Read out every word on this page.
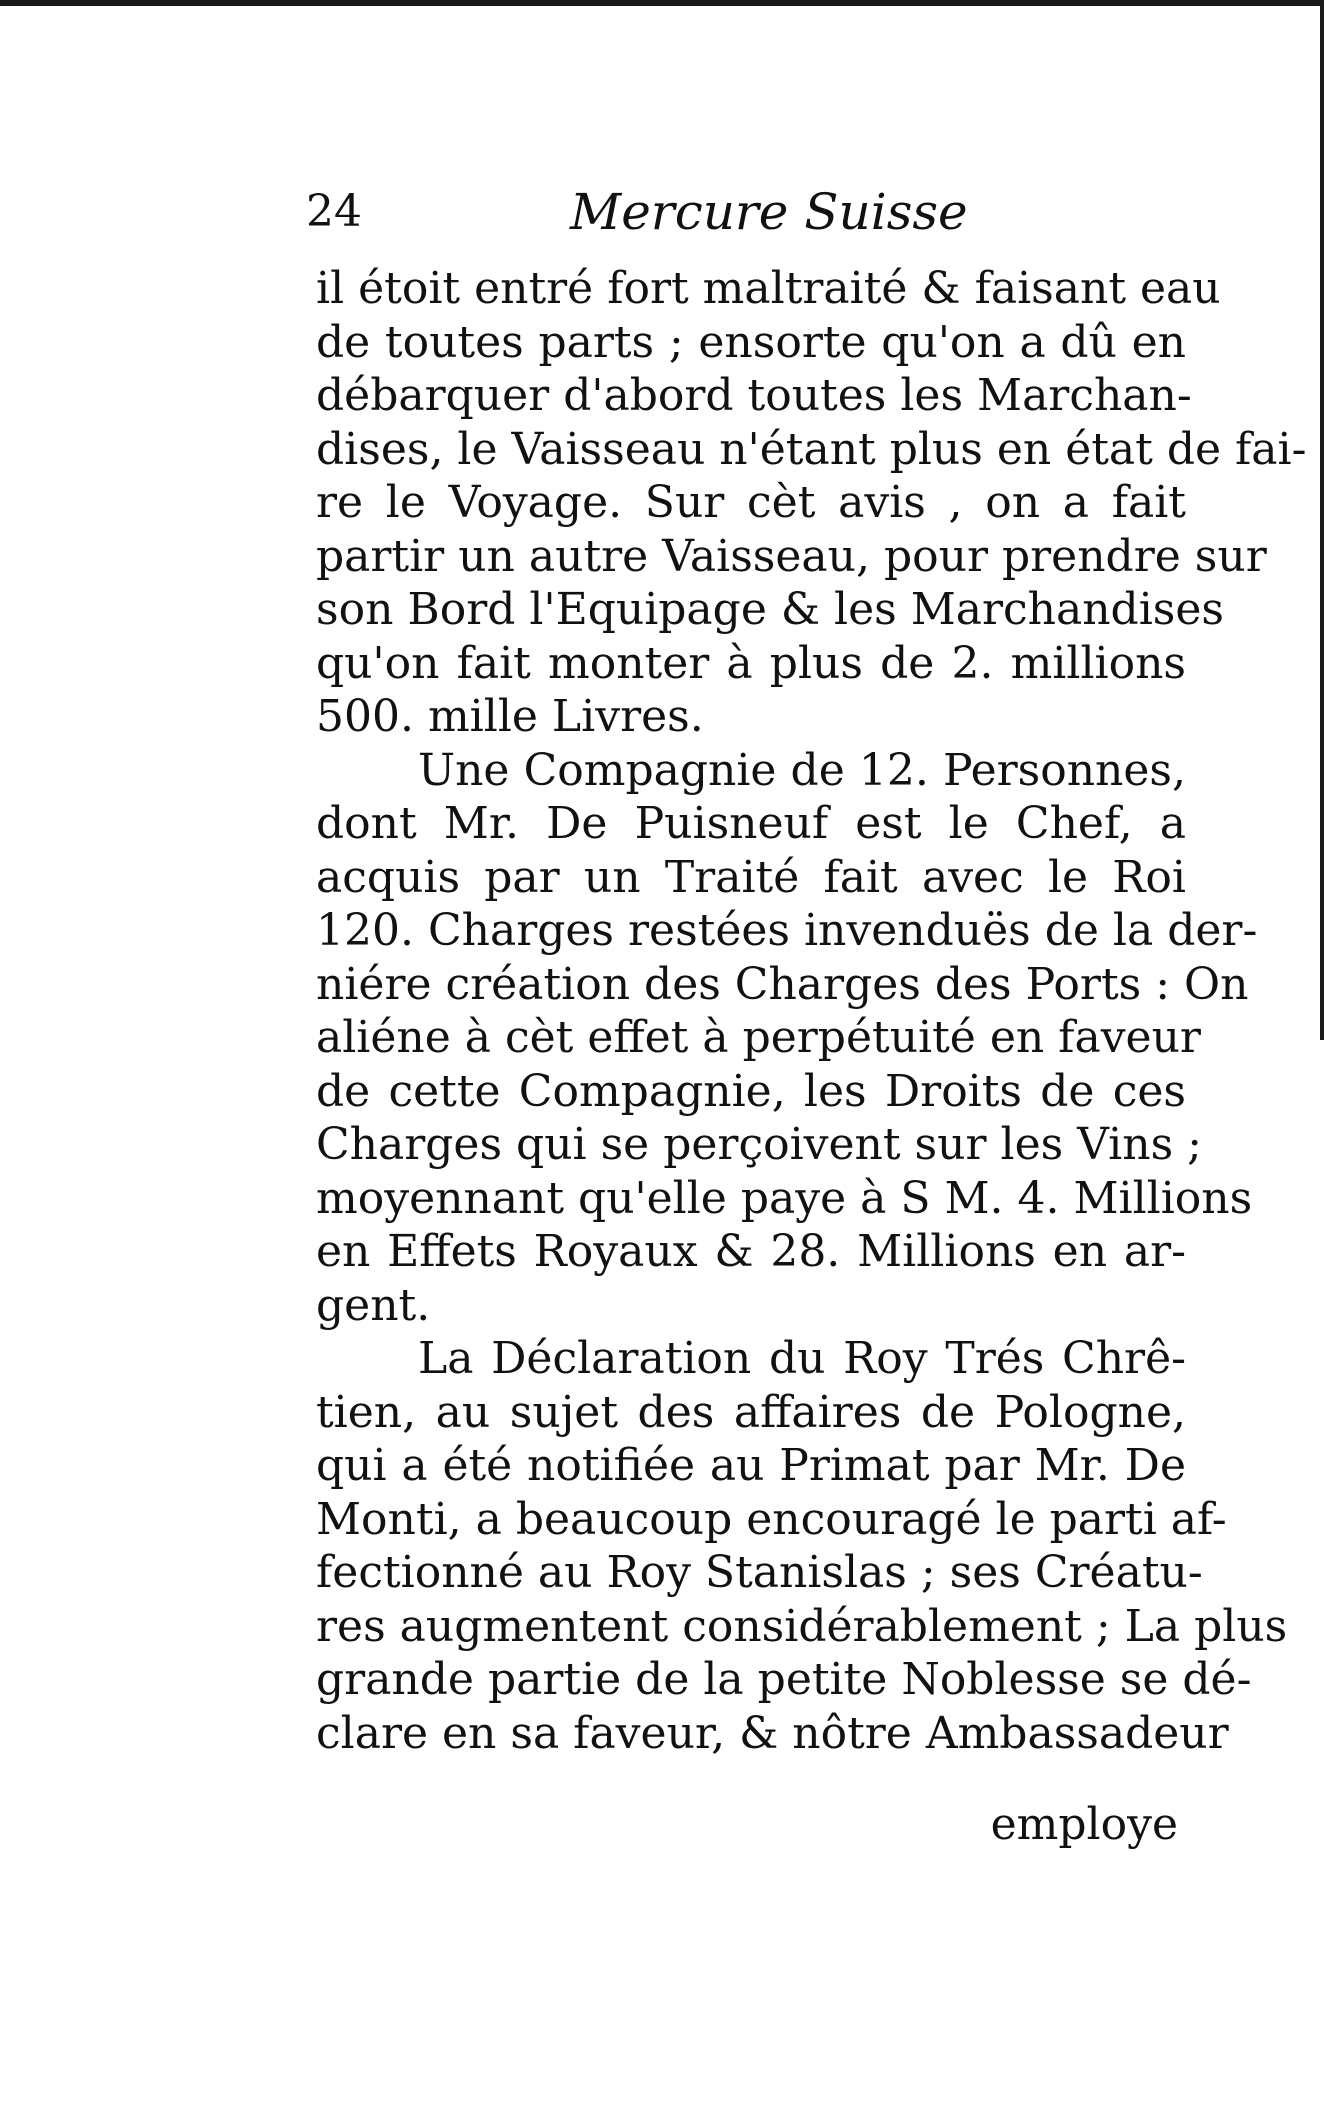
24	Mercure Suisse
il étoit entré fort maltraité & faisant eau
de toutes parts ; ensorte qu'on a dû en
débarquer d'abord toutes les Marchan-
dises, le Vaisseau n'étant plus en état de fai-
re le Voyage. Sur cèt avis , on a fait
partir un autre Vaisseau, pour prendre sur
son Bord l'Equipage & les Marchandises
qu'on fait monter à plus de 2. millions
500. mille Livres.
Une Compagnie de 12. Personnes,
dont Mr. De Puisneuf est le Chef, a
acquis par un Traité fait avec le Roi
120. Charges restées invenduës de la der-
niére création des Charges des Ports : On
aliéne à cèt effet à perpétuité en faveur
de cette Compagnie, les Droits de ces
Charges qui se perçoivent sur les Vins ;
moyennant qu'elle paye à S M. 4. Millions
en Effets Royaux & 28. Millions en ar-
gent.
La Déclaration du Roy Trés Chrê-
tien, au sujet des affaires de Pologne,
qui a été notifiée au Primat par Mr. De
Monti, a beaucoup encouragé le parti af-
fectionné au Roy Stanislas ; ses Créatu-
res augmentent considérablement ; La plus
grande partie de la petite Noblesse se dé-
clare en sa faveur, & nôtre Ambassadeur
employe
